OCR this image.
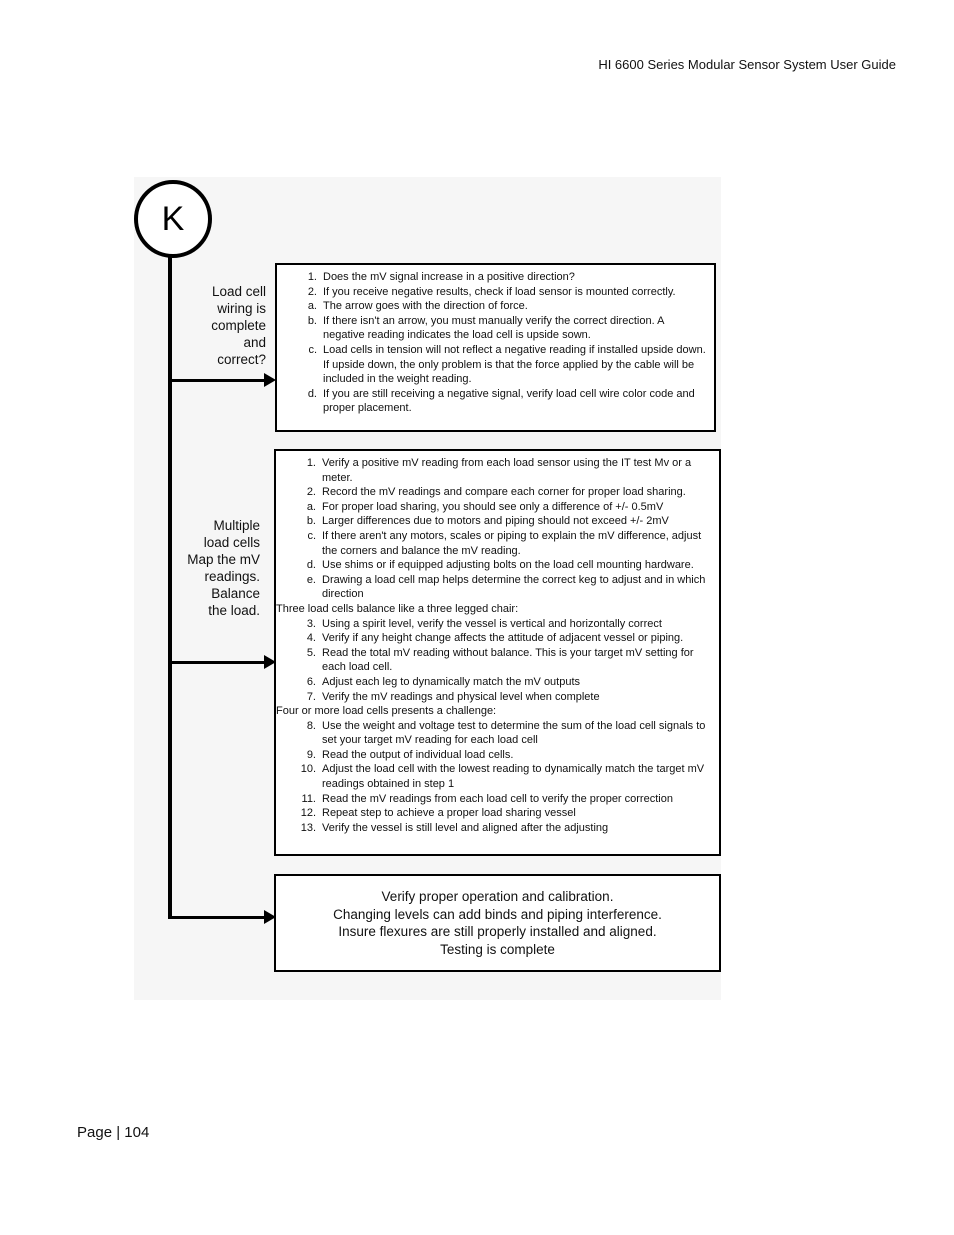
HI 6600 Series Modular Sensor System User Guide
K
Load cell
wiring is
complete
and
correct?
Multiple
load cells
Map the mV
readings.
Balance
the load.
1. Does the mV signal increase in a positive direction?
2. If you receive negative results, check if load sensor is mounted correctly.
a. The arrow goes with the direction of force.
b. If there isn't an arrow, you must manually verify the correct direction. A negative reading indicates the load cell is upside sown.
c. Load cells in tension will not reflect a negative reading if installed upside down. If upside down, the only problem is that the force applied by the cable will be included in the weight reading.
d. If you are still receiving a negative signal, verify load cell wire color code and proper placement.
1. Verify a positive mV reading from each load sensor using the IT test Mv or a meter.
2. Record the mV readings and compare each corner for proper load sharing.
a. For proper load sharing, you should see only a difference of +/- 0.5mV
b. Larger differences due to motors and piping should not exceed +/- 2mV
c. If there aren't any motors, scales or piping to explain the mV difference, adjust the corners and balance the mV reading.
d. Use shims or if equipped adjusting bolts on the load cell mounting hardware.
e. Drawing a load cell map helps determine the correct keg to adjust and in which direction
Three load cells balance like a three legged chair:
3. Using a spirit level, verify the vessel is vertical and horizontally correct
4. Verify if any height change affects the attitude of adjacent vessel or piping.
5. Read the total mV reading without balance. This is your target mV setting for each load cell.
6. Adjust each leg to dynamically match the mV outputs
7. Verify the mV readings and physical level when complete
Four or more load cells presents a challenge:
8. Use the weight and voltage test to determine the sum of the load cell signals to set your target mV reading for each load cell
9. Read the output of individual load cells.
10. Adjust the load cell with the lowest reading to dynamically match the target mV readings obtained in step 1
11. Read the mV readings from each load cell to verify the proper correction
12. Repeat step to achieve a proper load sharing vessel
13. Verify the vessel is still level and aligned after the adjusting
Verify proper operation and calibration.
Changing levels can add binds and piping interference.
Insure flexures are still properly installed and aligned.
Testing is complete
Page | 104
